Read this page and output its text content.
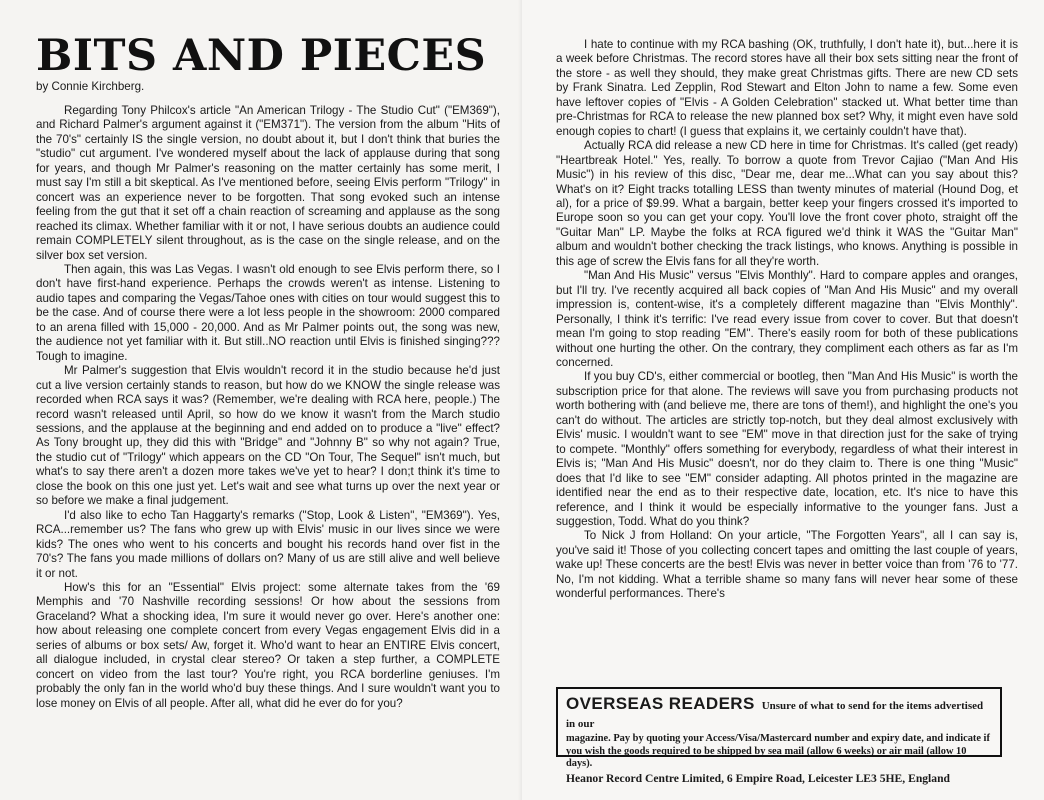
BITS AND PIECES

by Connie Kirchberg.

Regarding Tony Philcox's article "An American Trilogy - The Studio Cut" ("EM369"), and Richard Palmer's argument against it ("EM371"). The version from the album "Hits of the 70's" certainly IS the single version, no doubt about it, but I don't think that buries the "studio" cut argument. I've wondered myself about the lack of applause during that song for years, and though Mr Palmer's reasoning on the matter certainly has some merit, I must say I'm still a bit skeptical. As I've mentioned before, seeing Elvis perform "Trilogy" in concert was an experience never to be forgotten. That song evoked such an intense feeling from the gut that it set off a chain reaction of screaming and applause as the song reached its climax. Whether familiar with it or not, I have serious doubts an audience could remain COMPLETELY silent throughout, as is the case on the single release, and on the silver box set version.

Then again, this was Las Vegas. I wasn't old enough to see Elvis perform there, so I don't have first-hand experience. Perhaps the crowds weren't as intense. Listening to audio tapes and comparing the Vegas/Tahoe ones with cities on tour would suggest this to be the case. And of course there were a lot less people in the showroom: 2000 compared to an arena filled with 15,000 - 20,000. And as Mr Palmer points out, the song was new, the audience not yet familiar with it. But still..NO reaction until Elvis is finished singing??? Tough to imagine.

Mr Palmer's suggestion that Elvis wouldn't record it in the studio because he'd just cut a live version certainly stands to reason, but how do we KNOW the single release was recorded when RCA says it was? (Remember, we're dealing with RCA here, people.) The record wasn't released until April, so how do we know it wasn't from the March studio sessions, and the applause at the beginning and end added on to produce a "live" effect? As Tony brought up, they did this with "Bridge" and "Johnny B" so why not again? True, the studio cut of "Trilogy" which appears on the CD "On Tour, The Sequel" isn't much, but what's to say there aren't a dozen more takes we've yet to hear? I don;t think it's time to close the book on this one just yet. Let's wait and see what turns up over the next year or so before we make a final judgement.

I'd also like to echo Tan Haggarty's remarks ("Stop, Look & Listen", "EM369"). Yes, RCA...remember us? The fans who grew up with Elvis' music in our lives since we were kids? The ones who went to his concerts and bought his records hand over fist in the 70's? The fans you made millions of dollars on? Many of us are still alive and well believe it or not.

How's this for an "Essential" Elvis project: some alternate takes from the '69 Memphis and '70 Nashville recording sessions! Or how about the sessions from Graceland? What a shocking idea, I'm sure it would never go over. Here's another one: how about releasing one complete concert from every Vegas engagement Elvis did in a series of albums or box sets/ Aw, forget it. Who'd want to hear an ENTIRE Elvis concert, all dialogue included, in crystal clear stereo? Or taken a step further, a COMPLETE concert on video from the last tour? You're right, you RCA borderline geniuses. I'm probably the only fan in the world who'd buy these things. And I sure wouldn't want you to lose money on Elvis of all people. After all, what did he ever do for you?

I hate to continue with my RCA bashing (OK, truthfully, I don't hate it), but...here it is a week before Christmas. The record stores have all their box sets sitting near the front of the store - as well they should, they make great Christmas gifts. There are new CD sets by Frank Sinatra. Led Zepplin, Rod Stewart and Elton John to name a few. Some even have leftover copies of "Elvis - A Golden Celebration" stacked ut. What better time than pre-Christmas for RCA to release the new planned box set? Why, it might even have sold enough copies to chart! (I guess that explains it, we certainly couldn't have that).

Actually RCA did release a new CD here in time for Christmas. It's called (get ready) "Heartbreak Hotel." Yes, really. To borrow a quote from Trevor Cajiao ("Man And His Music") in his review of this disc, "Dear me, dear me...What can you say about this? What's on it? Eight tracks totalling LESS than twenty minutes of material (Hound Dog, et al), for a price of $9.99. What a bargain, better keep your fingers crossed it's imported to Europe soon so you can get your copy. You'll love the front cover photo, straight off the "Guitar Man" LP. Maybe the folks at RCA figured we'd think it WAS the "Guitar Man" album and wouldn't bother checking the track listings, who knows. Anything is possible in this age of screw the Elvis fans for all they're worth.

"Man And His Music" versus "Elvis Monthly". Hard to compare apples and oranges, but I'll try. I've recently acquired all back copies of "Man And His Music" and my overall impression is, content-wise, it's a completely different magazine than "Elvis Monthly". Personally, I think it's terrific: I've read every issue from cover to cover. But that doesn't mean I'm going to stop reading "EM". There's easily room for both of these publications without one hurting the other. On the contrary, they compliment each others as far as I'm concerned.

If you buy CD's, either commercial or bootleg, then "Man And His Music" is worth the subscription price for that alone. The reviews will save you from purchasing products not worth bothering with (and believe me, there are tons of them!), and highlight the one's you can't do without. The articles are strictly top-notch, but they deal almost exclusively with Elvis' music. I wouldn't want to see "EM" move in that direction just for the sake of trying to compete. "Monthly" offers something for everybody, regardless of what their interest in Elvis is; "Man And His Music" doesn't, nor do they claim to. There is one thing "Music" does that I'd like to see "EM" consider adapting. All photos printed in the magazine are identified near the end as to their respective date, location, etc. It's nice to have this reference, and I think it would be especially informative to the younger fans. Just a suggestion, Todd. What do you think?

To Nick J from Holland: On your article, "The Forgotten Years", all I can say is, you've said it! Those of you collecting concert tapes and omitting the last couple of years, wake up! These concerts are the best! Elvis was never in better voice than from '76 to '77. No, I'm not kidding. What a terrible shame so many fans will never hear some of these wonderful performances. There's

OVERSEAS READERS Unsure of what to send for the items advertised in our

magazine. Pay by quoting your Access/Visa/Mastercard number and expiry date, and indicate if you wish the goods required to be shipped by sea mail (allow 6 weeks) or air mail (allow 10 days).

Heanor Record Centre Limited, 6 Empire Road, Leicester LE3 5HE, England
